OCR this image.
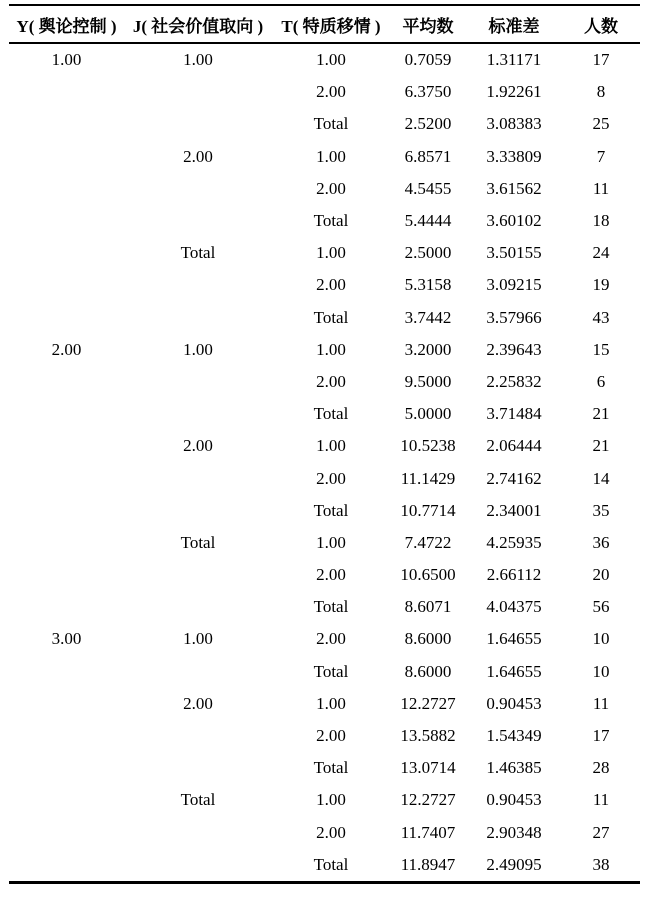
Y( 舆论控制 )	J( 社会价值取向 )	T( 特质移情 )	平均数	标准差	人数
1.00	1.00	1.00	0.7059	1.31171	17
		2.00	6.3750	1.92261	8
		Total	2.5200	3.08383	25
	2.00	1.00	6.8571	3.33809	7
		2.00	4.5455	3.61562	11
		Total	5.4444	3.60102	18
	Total	1.00	2.5000	3.50155	24
		2.00	5.3158	3.09215	19
		Total	3.7442	3.57966	43
2.00	1.00	1.00	3.2000	2.39643	15
		2.00	9.5000	2.25832	6
		Total	5.0000	3.71484	21
	2.00	1.00	10.5238	2.06444	21
		2.00	11.1429	2.74162	14
		Total	10.7714	2.34001	35
	Total	1.00	7.4722	4.25935	36
		2.00	10.6500	2.66112	20
		Total	8.6071	4.04375	56
3.00	1.00	2.00	8.6000	1.64655	10
		Total	8.6000	1.64655	10
	2.00	1.00	12.2727	0.90453	11
		2.00	13.5882	1.54349	17
		Total	13.0714	1.46385	28
	Total	1.00	12.2727	0.90453	11
		2.00	11.7407	2.90348	27
		Total	11.8947	2.49095	38
